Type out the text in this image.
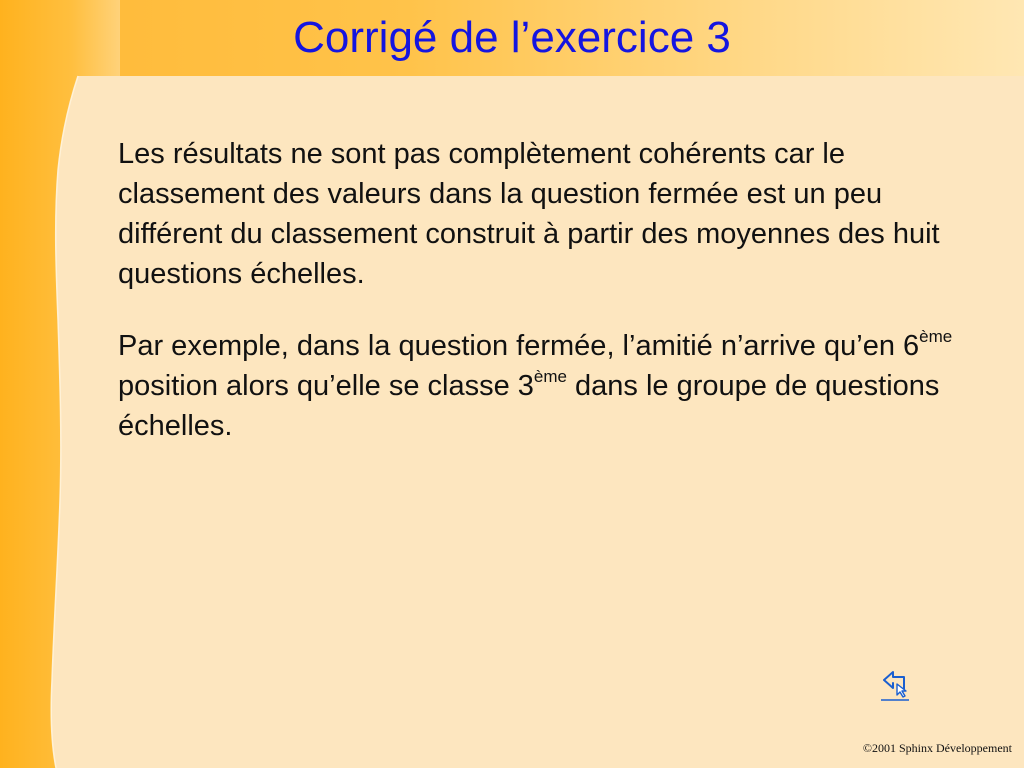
Corrigé de l’exercice 3

Les résultats ne sont pas complètement cohérents car le classement des valeurs dans la question fermée est un peu différent du classement construit à partir des moyennes des huit questions échelles.

Par exemple, dans la question fermée, l’amitié n’arrive qu’en 6ème position alors qu’elle se classe 3ème dans le groupe de questions échelles.

©2001 Sphinx Développement
